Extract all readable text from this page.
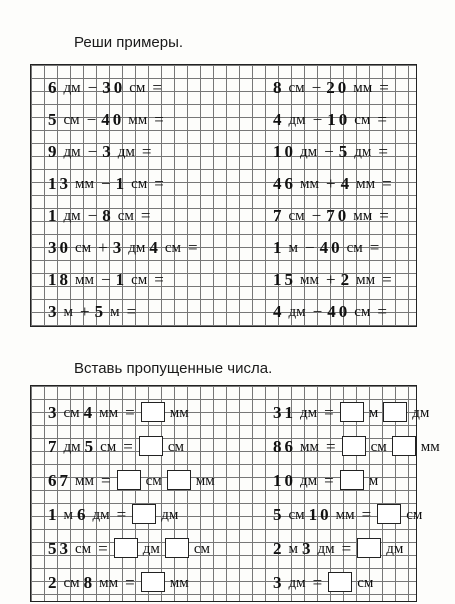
Реши примеры.
6 дм − 30 см =
5 см − 40 мм =
9 дм − 3 дм =
13 мм − 1 см =
1 дм − 8 см =
30 см + 3 дм 4 см =
18 мм − 1 см =
3 м + 5 м =
8 см − 20 мм =
4 дм − 10 см =
10 дм − 5 дм =
46 мм + 4 мм =
7 см − 70 мм =
1 м − 40 см =
15 мм + 2 мм =
4 дм − 40 см =
Вставь пропущенные числа.
3 см 4 мм = мм
7 дм 5 см = см
67 мм = см мм
1 м 6 дм = дм
53 см = дм см
2 см 8 мм = мм
31 дм = м дм
86 мм = см мм
10 дм = м
5 см 10 мм = см
2 м 3 дм = дм
3 дм = см
